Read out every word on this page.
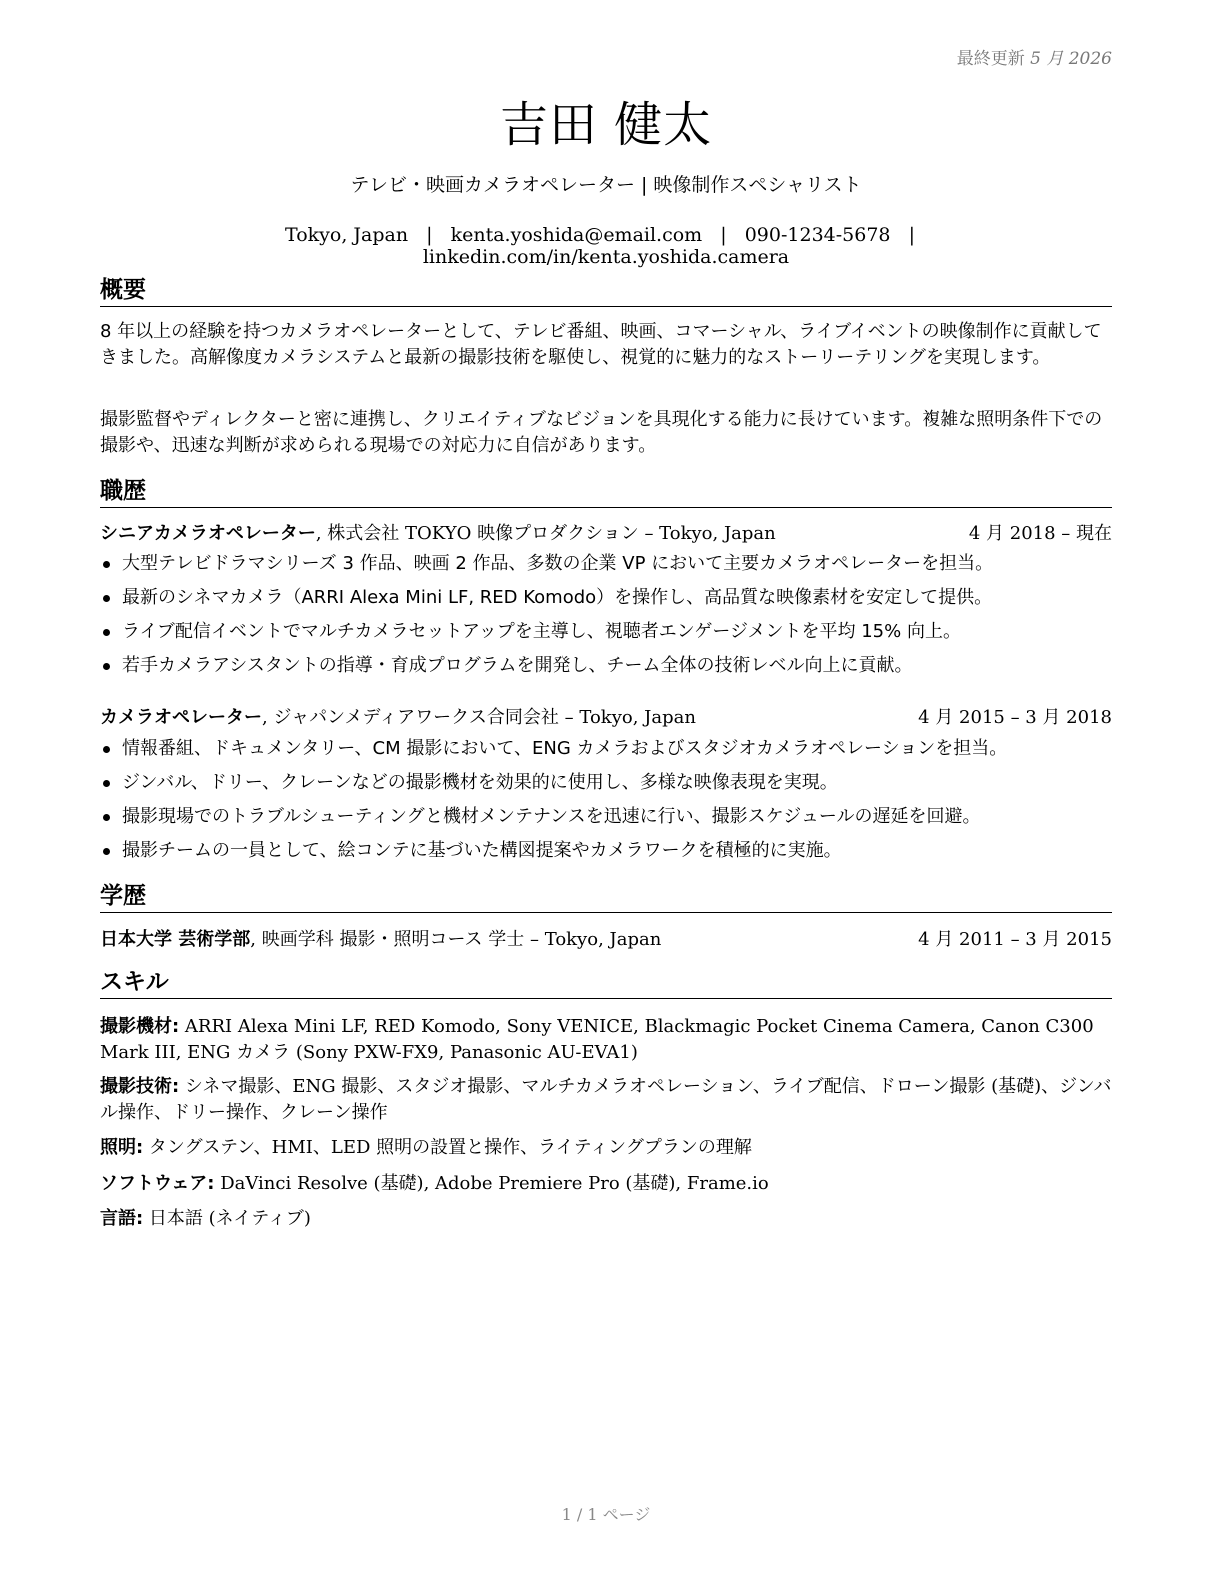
最終更新 5 月 2026
吉田 健太
テレビ・映画カメラオペレーター | 映像制作スペシャリスト
Tokyo, Japan | kenta.yoshida@email.com | 090-1234-5678 | linkedin.com/in/kenta.yoshida.camera
概要
8 年以上の経験を持つカメラオペレーターとして、テレビ番組、映画、コマーシャル、ライブイベントの映像制作に貢献してきました。高解像度カメラシステムと最新の撮影技術を駆使し、視覚的に魅力的なストーリーテリングを実現します。
撮影監督やディレクターと密に連携し、クリエイティブなビジョンを具現化する能力に長けています。複雑な照明条件下での撮影や、迅速な判断が求められる現場での対応力に自信があります。
職歴
シニアカメラオペレーター, 株式会社 TOKYO 映像プロダクション – Tokyo, Japan	4 月 2018 – 現在
大型テレビドラマシリーズ 3 作品、映画 2 作品、多数の企業 VP において主要カメラオペレーターを担当。
最新のシネマカメラ（ARRI Alexa Mini LF, RED Komodo）を操作し、高品質な映像素材を安定して提供。
ライブ配信イベントでマルチカメラセットアップを主導し、視聴者エンゲージメントを平均 15% 向上。
若手カメラアシスタントの指導・育成プログラムを開発し、チーム全体の技術レベル向上に貢献。
カメラオペレーター, ジャパンメディアワークス合同会社 – Tokyo, Japan	4 月 2015 – 3 月 2018
情報番組、ドキュメンタリー、CM 撮影において、ENG カメラおよびスタジオカメラオペレーションを担当。
ジンバル、ドリー、クレーンなどの撮影機材を効果的に使用し、多様な映像表現を実現。
撮影現場でのトラブルシューティングと機材メンテナンスを迅速に行い、撮影スケジュールの遅延を回避。
撮影チームの一員として、絵コンテに基づいた構図提案やカメラワークを積極的に実施。
学歴
日本大学 芸術学部, 映画学科 撮影・照明コース 学士 – Tokyo, Japan	4 月 2011 – 3 月 2015
スキル
撮影機材: ARRI Alexa Mini LF, RED Komodo, Sony VENICE, Blackmagic Pocket Cinema Camera, Canon C300 Mark III, ENG カメラ (Sony PXW-FX9, Panasonic AU-EVA1)
撮影技術: シネマ撮影、ENG 撮影、スタジオ撮影、マルチカメラオペレーション、ライブ配信、ドローン撮影 (基礎)、ジンバル操作、ドリー操作、クレーン操作
照明: タングステン、HMI、LED 照明の設置と操作、ライティングプランの理解
ソフトウェア: DaVinci Resolve (基礎), Adobe Premiere Pro (基礎), Frame.io
言語: 日本語 (ネイティブ)
1 / 1 ページ
